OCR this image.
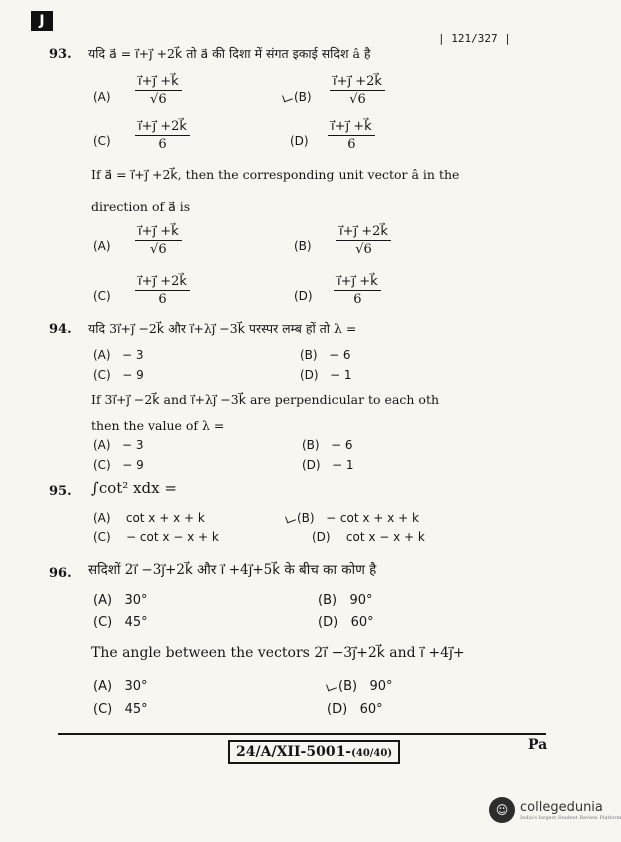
J
| 121/327 |
93. यदि a⃗ = i⃗+j⃗ +2k⃗ तो a⃗ की दिशा में संगत इकाई सदिश â है
$(A) \frac{i⃗+j⃗ +k⃗}{√6}$	$(B) \frac{i⃗+j⃗ +2k⃗}{√6}$
$(C) \frac{i⃗+j⃗ +2k⃗}{6}$	$(D) \frac{i⃗+j⃗ +k⃗}{6}$
If a⃗ = i⃗+j⃗ +2k⃗, then the corresponding unit vector â in the
direction of a⃗ is
$(A) \frac{i⃗+j⃗ +k⃗}{√6}$	$(B) \frac{i⃗+j⃗ +2k⃗}{√6}$
$(C) \frac{i⃗+j⃗ +2k⃗}{6}$	$(D) \frac{i⃗+j⃗ +k⃗}{6}$
94. यदि 3i⃗+j⃗ −2k⃗ और i⃗+λj⃗ −3k⃗ परस्पर लम्ब हों तो λ =
(A) − 3	(B) − 6
(C) − 9	(D) − 1
If 3i⃗+j⃗ −2k⃗ and i⃗+λj⃗ −3k⃗ are perpendicular to each oth
then the value of λ =
(A) − 3	(B) − 6
(C) − 9	(D) − 1
95. ∫cot² xdx =
(A) cot x + x + k	(B) − cot x + x + k
(C) − cot x − x + k	(D) cot x − x + k
96. सदिशों 2i⃗ −3j⃗+2k⃗ और i⃗ +4j⃗+5k⃗ के बीच का कोण है
(A) 30°	(B) 90°
(C) 45°	(D) 60°
The angle between the vectors 2i⃗ −3j⃗+2k⃗ and i⃗ +4j⃗+
(A) 30°	(B) 90°
(C) 45°	(D) 60°
24/A/XII-5001-(40/40)
Pa
☺ collegedunia
India's largest Student Review Platform
